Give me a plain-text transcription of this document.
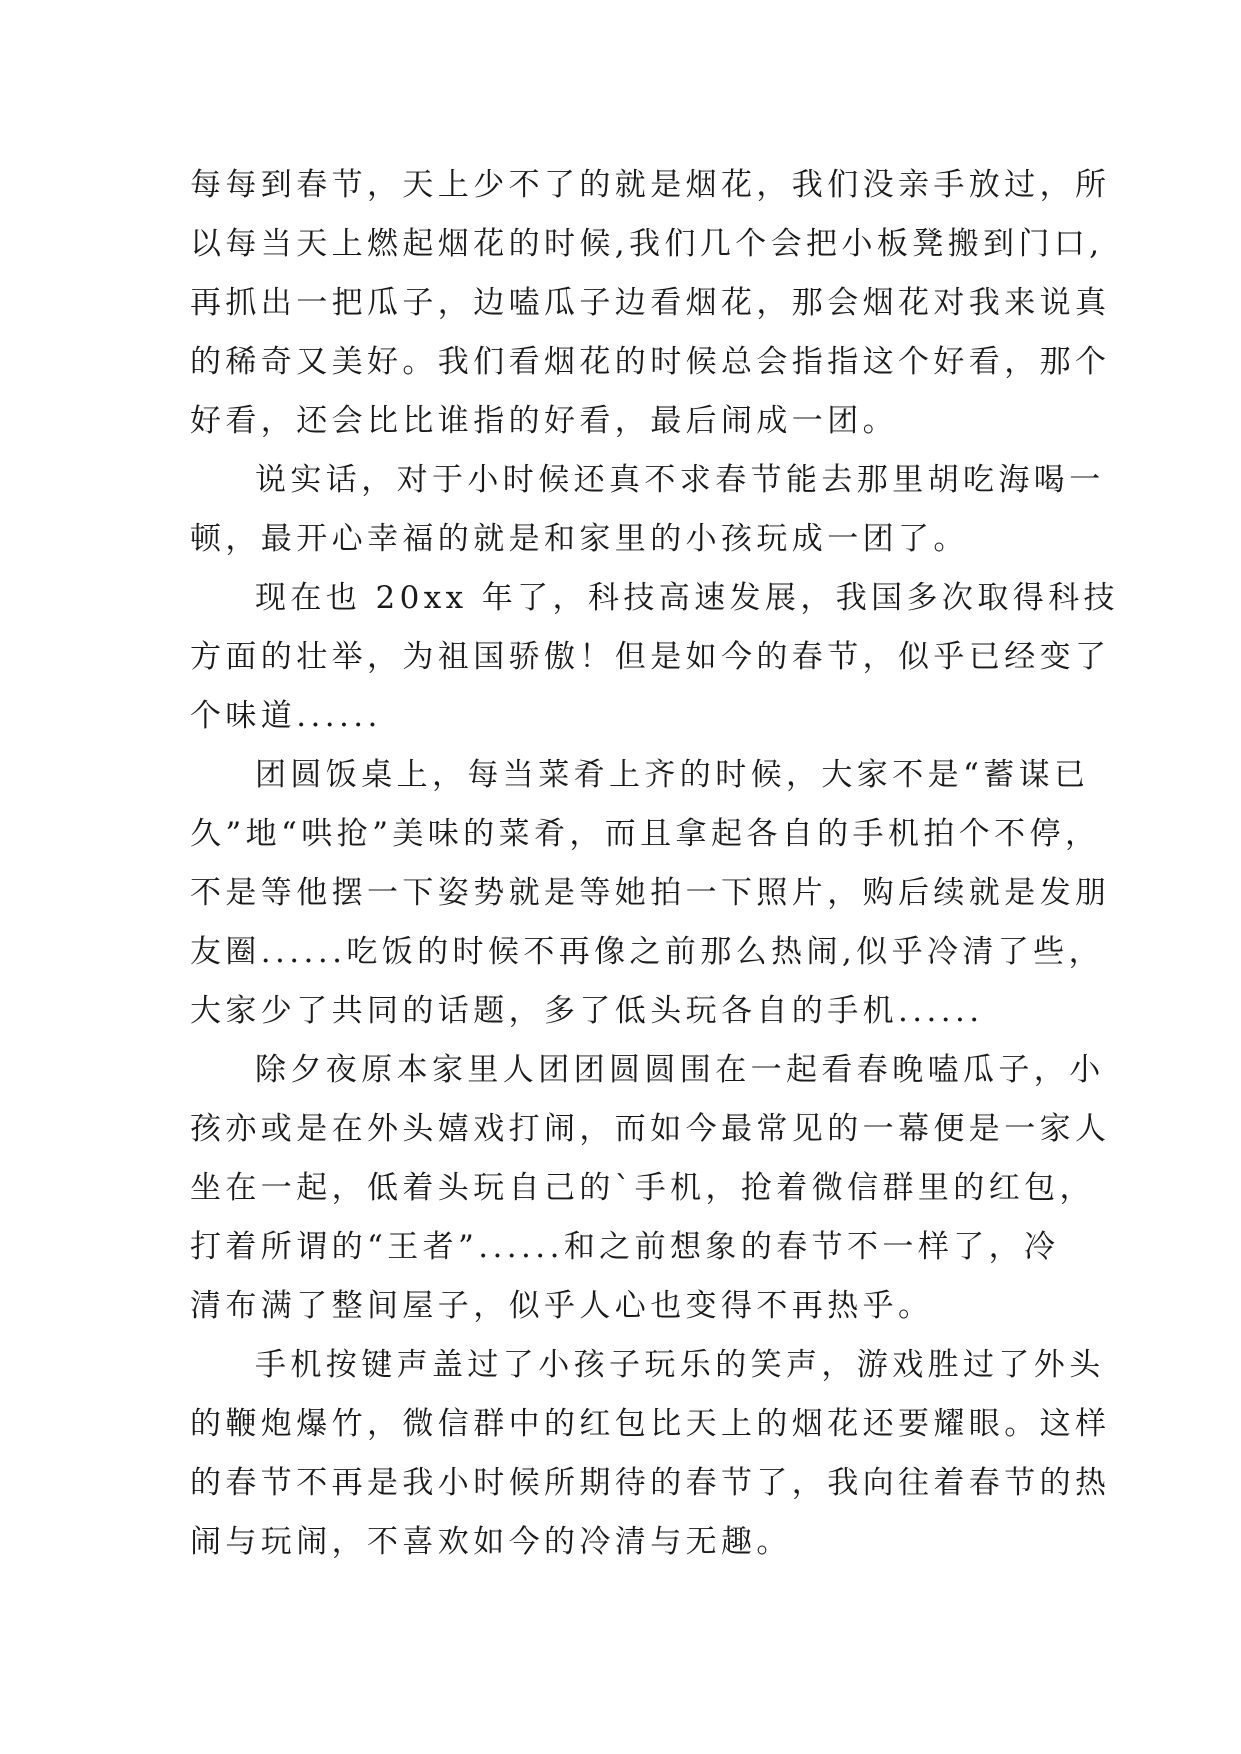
每每到春节，天上少不了的就是烟花，我们没亲手放过，所
以每当天上燃起烟花的时候,我们几个会把小板凳搬到门口,
再抓出一把瓜子，边嗑瓜子边看烟花，那会烟花对我来说真
的稀奇又美好。我们看烟花的时候总会指指这个好看，那个
好看，还会比比谁指的好看，最后闹成一团。
说实话，对于小时候还真不求春节能去那里胡吃海喝一
顿，最开心幸福的就是和家里的小孩玩成一团了。
现在也 20xx 年了，科技高速发展，我国多次取得科技
方面的壮举，为祖国骄傲！但是如今的春节，似乎已经变了
个味道......
团圆饭桌上，每当菜肴上齐的时候，大家不是“蓄谋已
久”地“哄抢”美味的菜肴，而且拿起各自的手机拍个不停，
不是等他摆一下姿势就是等她拍一下照片，购后续就是发朋
友圈......吃饭的时候不再像之前那么热闹,似乎冷清了些，
大家少了共同的话题，多了低头玩各自的手机......
除夕夜原本家里人团团圆圆围在一起看春晚嗑瓜子，小
孩亦或是在外头嬉戏打闹，而如今最常见的一幕便是一家人
坐在一起，低着头玩自己的`手机，抢着微信群里的红包，
打着所谓的“王者”......和之前想象的春节不一样了，冷
清布满了整间屋子，似乎人心也变得不再热乎。
手机按键声盖过了小孩子玩乐的笑声，游戏胜过了外头
的鞭炮爆竹，微信群中的红包比天上的烟花还要耀眼。这样
的春节不再是我小时候所期待的春节了，我向往着春节的热
闹与玩闹，不喜欢如今的冷清与无趣。
